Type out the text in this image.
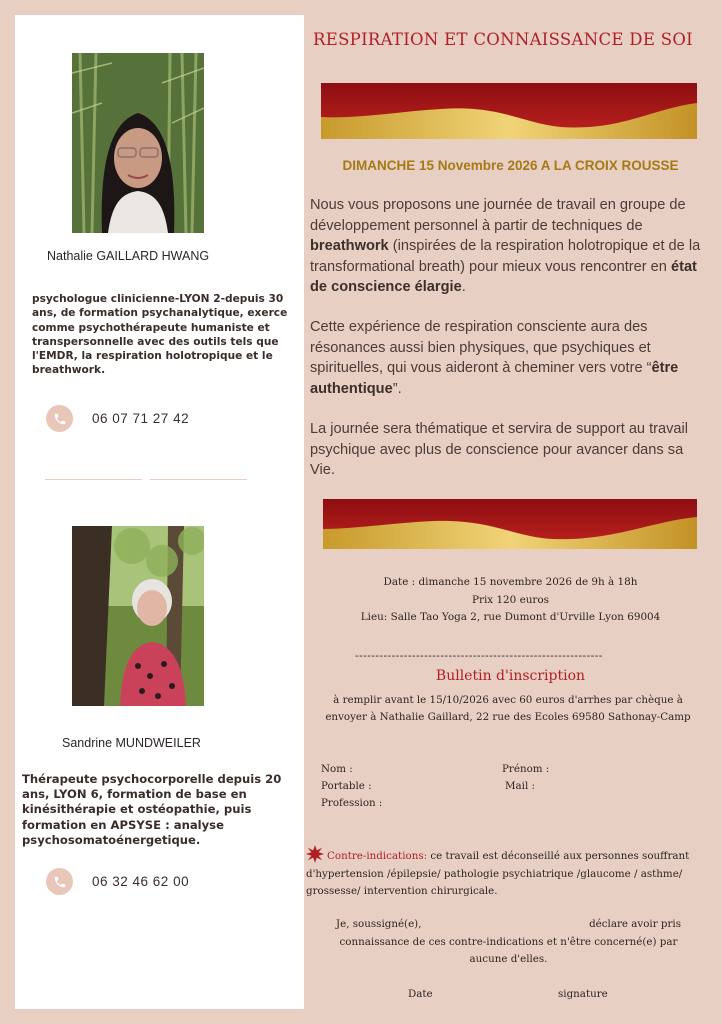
Nathalie GAILLARD HWANG
psychologue clinicienne-LYON 2-depuis 30 ans, de formation psychanalytique, exerce comme psychothérapeute humaniste et transpersonnelle avec des outils tels que l'EMDR, la respiration holotropique et le breathwork.
06 07 71 27 42
Sandrine MUNDWEILER
Thérapeute psychocorporelle depuis 20 ans, LYON 6, formation de base en kinésithérapie et ostéopathie, puis formation en APSYSE : analyse psychosomatoénergetique.
06 32 46 62 00
RESPIRATION ET CONNAISSANCE DE SOI
DIMANCHE 15 Novembre 2026 A LA CROIX ROUSSE
Nous vous proposons une journée de travail en groupe de développement personnel à partir de techniques de breathwork (inspirées de la respiration holotropique et de la transformational breath) pour mieux vous rencontrer en état de conscience élargie.
Cette expérience de respiration consciente aura des résonances aussi bien physiques, que psychiques et spirituelles, qui vous aideront à cheminer vers votre “être authentique”.
La journée sera thématique et servira de support au travail psychique avec plus de conscience pour avancer dans sa Vie.
Date : dimanche 15 novembre 2026 de 9h à 18h
Prix 120 euros
Lieu: Salle Tao Yoga 2, rue Dumont d'Urville Lyon 69004
-------------------------------------------------------------
Bulletin d'inscription
à remplir avant le 15/10/2026 avec 60 euros d'arrhes par chèque à
envoyer à Nathalie Gaillard, 22 rue des Ecoles 69580 Sathonay-Camp
Nom :	Prénom :
Portable :	Mail :
Profession :
Contre-indications: ce travail est déconseillé aux personnes souffrant d'hypertension /épilepsie/ pathologie psychiatrique /glaucome / asthme/ grossesse/ intervention chirurgicale.
Je, soussigné(e),	déclare avoir pris
connaissance de ces contre-indications et n'être concerné(e) par aucune d'elles.
Date	signature
